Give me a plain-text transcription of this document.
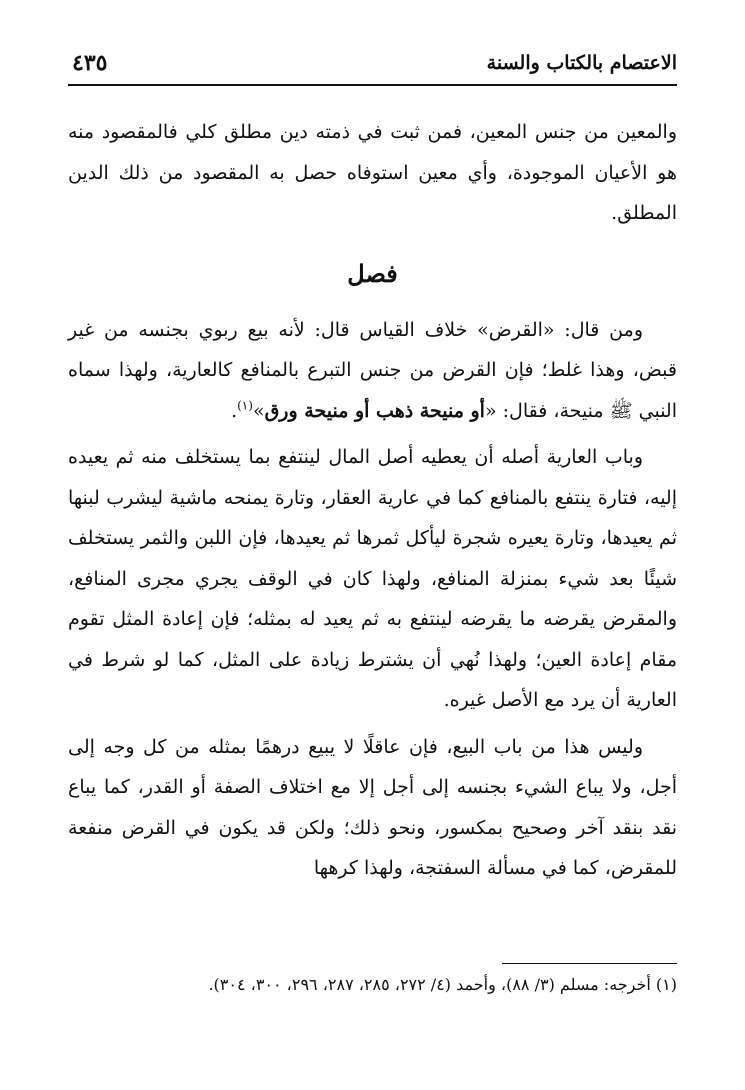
الاعتصام بالكتاب والسنة
٤٣٥

والمعين من جنس المعين، فمن ثبت في ذمته دين مطلق كلي فالمقصود منه هو الأعيان الموجودة، وأي معين استوفاه حصل به المقصود من ذلك الدين المطلق.

فصل

ومن قال: «القرض» خلاف القياس قال: لأنه بيع ربوي بجنسه من غير قبض، وهذا غلط؛ فإن القرض من جنس التبرع بالمنافع كالعارية، ولهذا سماه النبي ﷺ منيحة، فقال: «أو منيحة ذهب أو منيحة ورق»$^{(١)}$.

وباب العارية أصله أن يعطيه أصل المال لينتفع بما يستخلف منه ثم يعيده إليه، فتارة ينتفع بالمنافع كما في عارية العقار، وتارة يمنحه ماشية ليشرب لبنها ثم يعيدها، وتارة يعيره شجرة ليأكل ثمرها ثم يعيدها، فإن اللبن والثمر يستخلف شيئًا بعد شيء بمنزلة المنافع، ولهذا كان في الوقف يجري مجرى المنافع، والمقرض يقرضه ما يقرضه لينتفع به ثم يعيد له بمثله؛ فإن إعادة المثل تقوم مقام إعادة العين؛ ولهذا نُهي أن يشترط زيادة على المثل، كما لو شرط في العارية أن يرد مع الأصل غيره.

وليس هذا من باب البيع، فإن عاقلًا لا يبيع درهمًا بمثله من كل وجه إلى أجل، ولا يباع الشيء بجنسه إلى أجل إلا مع اختلاف الصفة أو القدر، كما يباع نقد بنقد آخر وصحيح بمكسور، ونحو ذلك؛ ولكن قد يكون في القرض منفعة للمقرض، كما في مسألة السفتجة، ولهذا كرهها

(١) أخرجه: مسلم (٣/ ٨٨)، وأحمد (٤/ ٢٧٢، ٢٨٥، ٢٨٧، ٢٩٦، ٣٠٠، ٣٠٤).
